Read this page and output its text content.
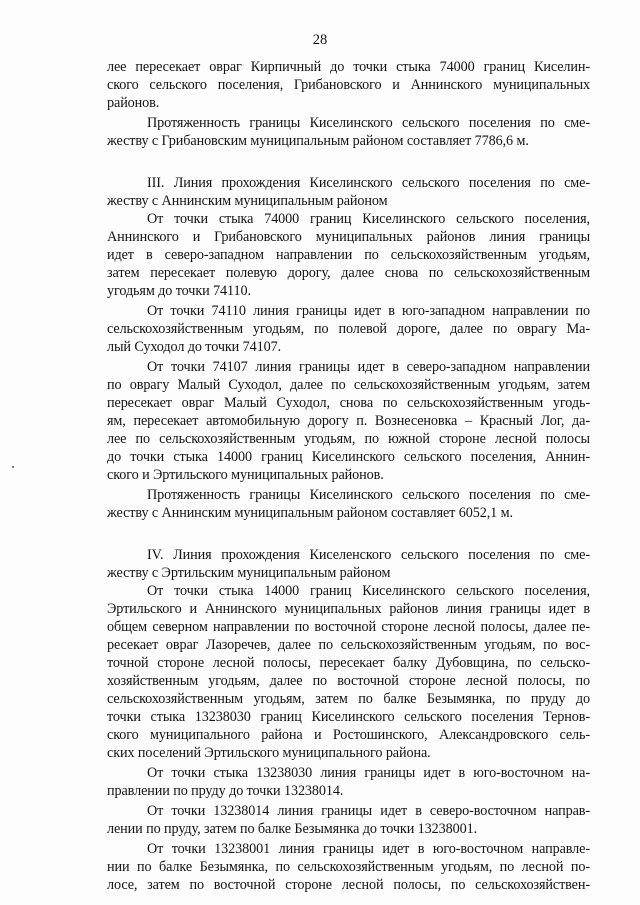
28
лее пересекает овраг Кирпичный до точки стыка 74000 границ Киселин-
ского сельского поселения, Грибановского и Аннинского муниципальных
районов.
Протяженность границы Киселинского сельского поселения по сме-
жеству с Грибановским муниципальным районом составляет 7786,6 м.
III. Линия прохождения Киселинского сельского поселения по сме-
жеству с Аннинским муниципальным районом
От точки стыка 74000 границ Киселинского сельского поселения,
Аннинского и Грибановского муниципальных районов линия границы
идет в северо-западном направлении по сельскохозяйственным угодьям,
затем пересекает полевую дорогу, далее снова по сельскохозяйственным
угодьям до точки 74110.
От точки 74110 линия границы идет в юго-западном направлении по
сельскохозяйственным угодьям, по полевой дороге, далее по оврагу Ма-
лый Суходол до точки 74107.
От точки 74107 линия границы идет в северо-западном направлении
по оврагу Малый Суходол, далее по сельскохозяйственным угодьям, затем
пересекает овраг Малый Суходол, снова по сельскохозяйственным угодь-
ям, пересекает автомобильную дорогу п. Вознесеновка – Красный Лог, да-
лее по сельскохозяйственным угодьям, по южной стороне лесной полосы
до точки стыка 14000 границ Киселинского сельского поселения, Аннин-
ского и Эртильского муниципальных районов.
Протяженность границы Киселинского сельского поселения по сме-
жеству с Аннинским муниципальным районом составляет 6052,1 м.
IV. Линия прохождения Киселенского сельского поселения по сме-
жеству с Эртильским муниципальным районом
От точки стыка 14000 границ Киселинского сельского поселения,
Эртильского и Аннинского муниципальных районов линия границы идет в
общем северном направлении по восточной стороне лесной полосы, далее пе-
ресекает овраг Лазоречев, далее по сельскохозяйственным угодьям, по вос-
точной стороне лесной полосы, пересекает балку Дубовщина, по сельско-
хозяйственным угодьям, далее по восточной стороне лесной полосы, по
сельскохозяйственным угодьям, затем по балке Безымянка, по пруду до
точки стыка 13238030 границ Киселинского сельского поселения Тернов-
ского муниципального района и Ростошинского, Александровского сель-
ских поселений Эртильского муниципального района.
От точки стыка 13238030 линия границы идет в юго-восточном на-
правлении по пруду до точки 13238014.
От точки 13238014 линия границы идет в северо-восточном направ-
лении по пруду, затем по балке Безымянка до точки 13238001.
От точки 13238001 линия границы идет в юго-восточном направле-
нии по балке Безымянка, по сельскохозяйственным угодьям, по лесной по-
лосе, затем по восточной стороне лесной полосы, по сельскохозяйствен-
